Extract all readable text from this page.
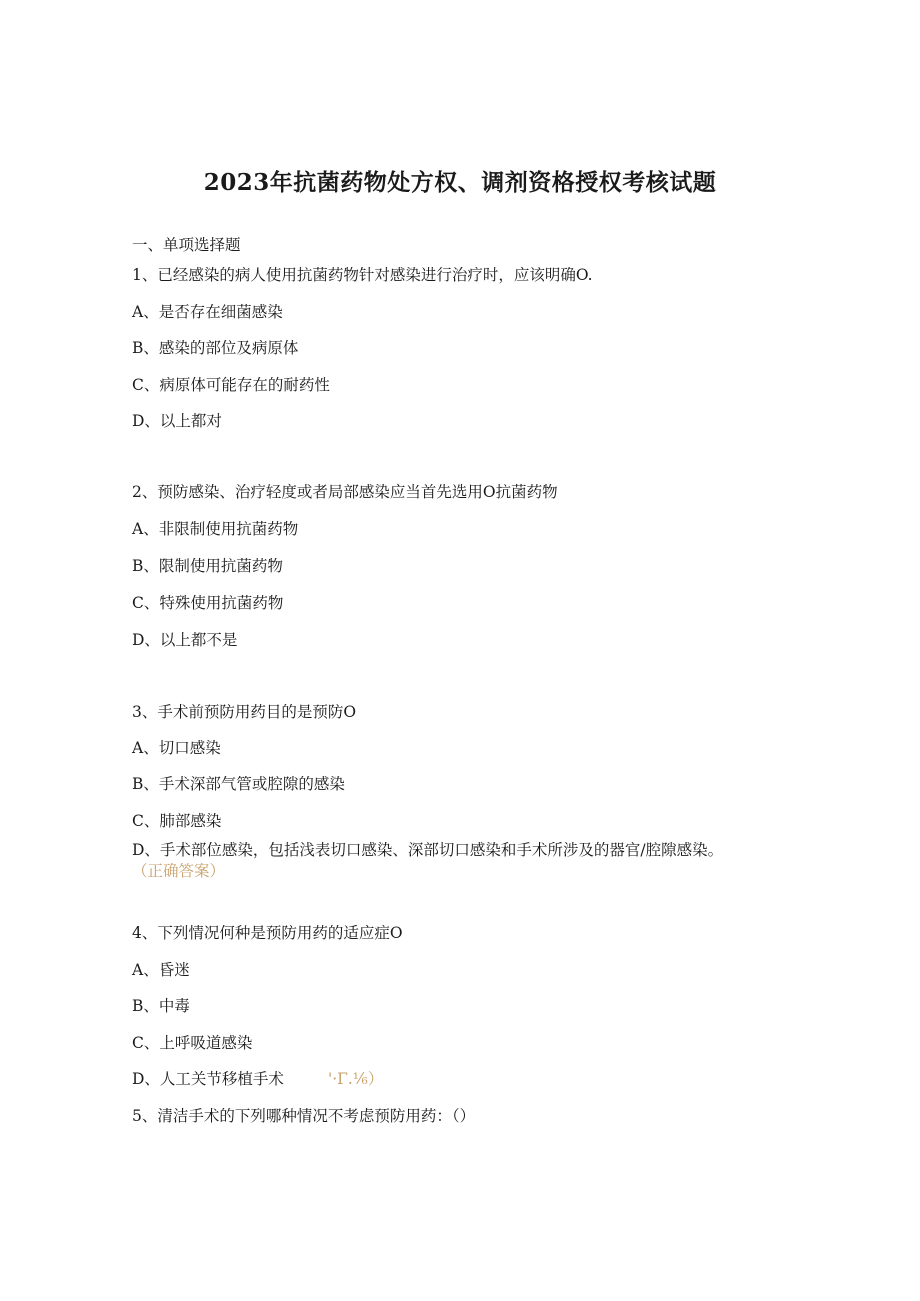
2023年抗菌药物处方权、调剂资格授权考核试题
一、单项选择题
1、已经感染的病人使用抗菌药物针对感染进行治疗时，应该明确O.
A、是否存在细菌感染
B、感染的部位及病原体
C、病原体可能存在的耐药性
D、以上都对
2、预防感染、治疗轻度或者局部感染应当首先选用O抗菌药物
A、非限制使用抗菌药物
B、限制使用抗菌药物
C、特殊使用抗菌药物
D、以上都不是
3、手术前预防用药目的是预防O
A、切口感染
B、手术深部气管或腔隙的感染
C、肺部感染
D、手术部位感染，包括浅表切口感染、深部切口感染和手术所涉及的器官/腔隙感染。
（正确答案）
4、下列情况何种是预防用药的适应症O
A、昏迷
B、中毒
C、上呼吸道感染
D、人工关节移植手术	'·Γ.⅙）
5、清洁手术的下列哪种情况不考虑预防用药：（）
